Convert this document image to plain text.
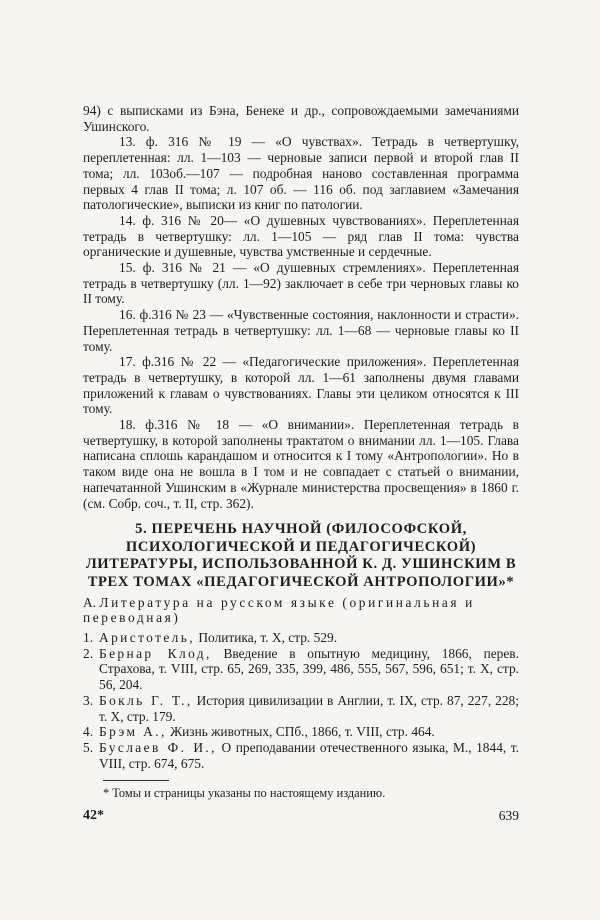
94) с выписками из Бэна, Бенеке и др., сопровождаемыми замечаниями Ушинского.

13. ф. 316 № 19 — «О чувствах». Тетрадь в четвертушку, переплетенная: лл. 1—103 — черновые записи первой и второй глав II тома; лл. 103об.—107 — подробная наново составленная программа первых 4 глав II тома; л. 107 об. — 116 об. под заглавием «Замечания патологические», выписки из книг по патологии.

14. ф. 316 № 20— «О душевных чувствованиях». Переплетенная тетрадь в четвертушку: лл. 1—105 — ряд глав II тома: чувства органические и душевные, чувства умственные и сердечные.

15. ф. 316 № 21 — «О душевных стремлениях». Переплетенная тетрадь в четвертушку (лл. 1—92) заключает в себе три черновых главы ко II тому.

16. ф.316 № 23 — «Чувственные состояния, наклонности и страсти». Переплетенная тетрадь в четвертушку: лл. 1—68 — черновые главы ко II тому.

17. ф.316 № 22 — «Педагогические приложения». Переплетенная тетрадь в четвертушку, в которой лл. 1—61 заполнены двумя главами приложений к главам о чувствованиях. Главы эти целиком относятся к III тому.

18. ф.316 № 18 — «О внимании». Переплетенная тетрадь в четвертушку, в которой заполнены трактатом о внимании лл. 1—105. Глава написана сплошь карандашом и относится к I тому «Антропологии». Но в таком виде она не вошла в I том и не совпадает с статьей о внимании, напечатанной Ушинским в «Журнале министерства просвещения» в 1860 г. (см. Собр. соч., т. II, стр. 362).

5. ПЕРЕЧЕНЬ НАУЧНОЙ (ФИЛОСОФСКОЙ, ПСИХОЛОГИЧЕСКОЙ И ПЕДАГОГИЧЕСКОЙ) ЛИТЕРАТУРЫ, ИСПОЛЬЗОВАННОЙ К. Д. УШИНСКИМ В ТРЕХ ТОМАХ «ПЕДАГОГИЧЕСКОЙ АНТРОПОЛОГИИ»*
А. Литература на русском языке (оригинальная и переводная)
1. Аристотель, Политика, т. X, стр. 529.
2. Бернар Клод, Введение в опытную медицину, 1866, перев. Страхова, т. VIII, стр. 65, 269, 335, 399, 486, 555, 567, 596, 651; т. X, стр. 56, 204.
3. Бокль Г. Т., История цивилизации в Англии, т. IX, стр. 87, 227, 228; т. X, стр. 179.
4. Брэм А., Жизнь животных, СПб., 1866, т. VIII, стр. 464.
5. Буслаев Ф. И., О преподавании отечественного языка, М., 1844, т. VIII, стр. 674, 675.
* Томы и страницы указаны по настоящему изданию.
42*	639
